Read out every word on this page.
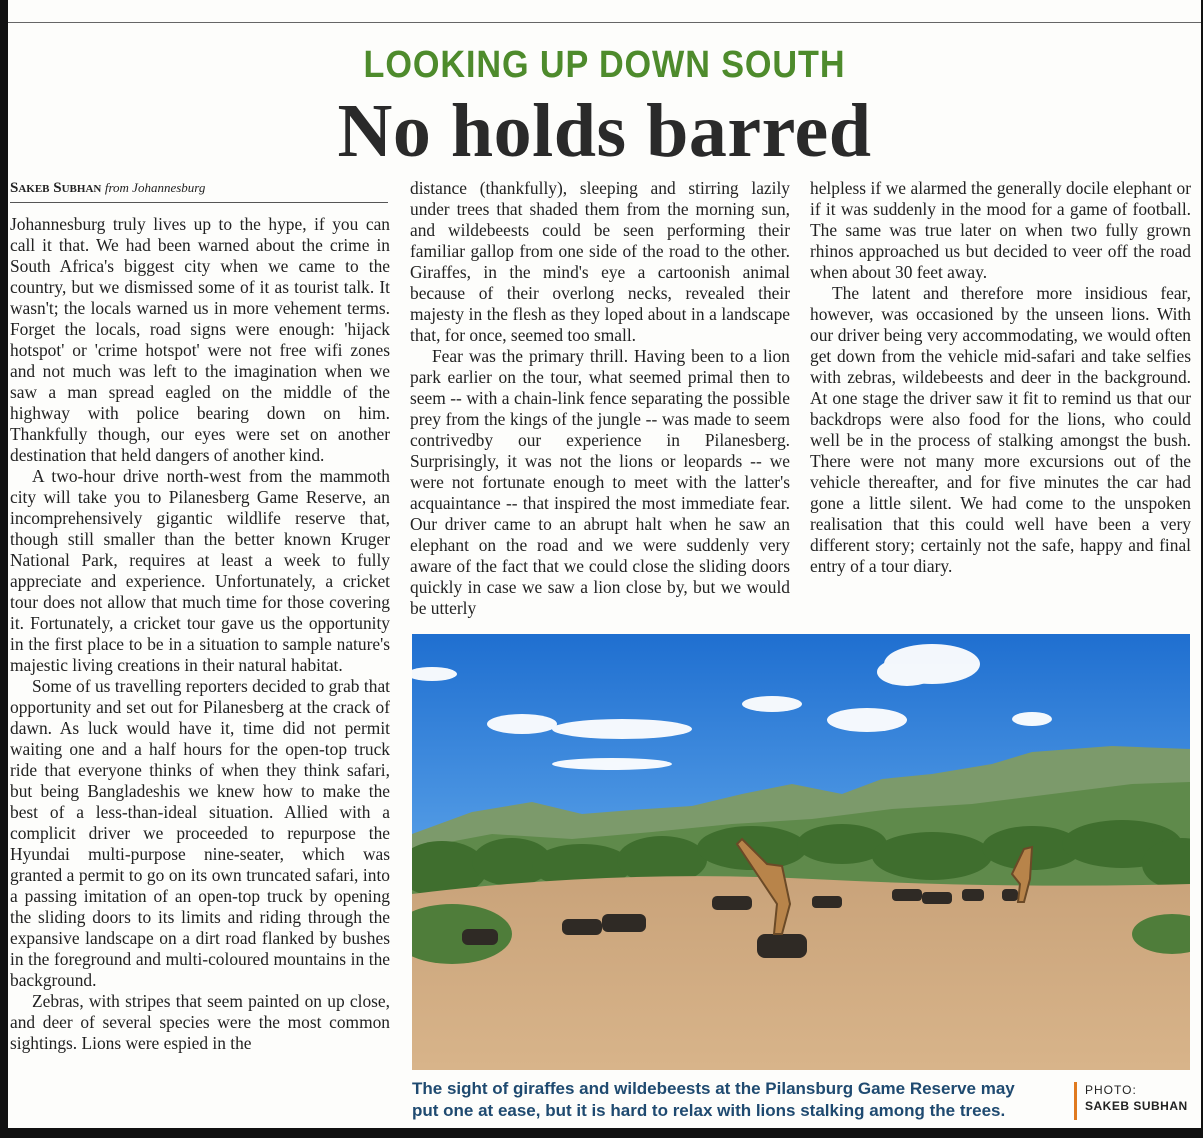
LOOKING UP DOWN SOUTH
No holds barred
Sakeb Subhan from Johannesburg

Johannesburg truly lives up to the hype, if you can call it that. We had been warned about the crime in South Africa's biggest city when we came to the country, but we dismissed some of it as tourist talk. It wasn't; the locals warned us in more vehement terms. Forget the locals, road signs were enough: 'hijack hotspot' or 'crime hotspot' were not free wifi zones and not much was left to the imagination when we saw a man spread eagled on the middle of the highway with police bearing down on him. Thankfully though, our eyes were set on another destination that held dangers of another kind.

A two-hour drive north-west from the mammoth city will take you to Pilanesberg Game Reserve, an incomprehensively gigantic wildlife reserve that, though still smaller than the better known Kruger National Park, requires at least a week to fully appreciate and experience. Unfortunately, a cricket tour does not allow that much time for those covering it. Fortunately, a cricket tour gave us the opportunity in the first place to be in a situation to sample nature's majestic living creations in their natural habitat.

Some of us travelling reporters decided to grab that opportunity and set out for Pilanesberg at the crack of dawn. As luck would have it, time did not permit waiting one and a half hours for the open-top truck ride that everyone thinks of when they think safari, but being Bangladeshis we knew how to make the best of a less-than-ideal situation. Allied with a complicit driver we proceeded to repurpose the Hyundai multi-purpose nine-seater, which was granted a permit to go on its own truncated safari, into a passing imitation of an open-top truck by opening the sliding doors to its limits and riding through the expansive landscape on a dirt road flanked by bushes in the foreground and multi-coloured mountains in the background.

Zebras, with stripes that seem painted on up close, and deer of several species were the most common sightings. Lions were espied in the

distance (thankfully), sleeping and stirring lazily under trees that shaded them from the morning sun, and wildebeests could be seen performing their familiar gallop from one side of the road to the other. Giraffes, in the mind's eye a cartoonish animal because of their overlong necks, revealed their majesty in the flesh as they loped about in a landscape that, for once, seemed too small.

Fear was the primary thrill. Having been to a lion park earlier on the tour, what seemed primal then to seem -- with a chain-link fence separating the possible prey from the kings of the jungle -- was made to seem contrivedby our experience in Pilanesberg. Surprisingly, it was not the lions or leopards -- we were not fortunate enough to meet with the latter's acquaintance -- that inspired the most immediate fear. Our driver came to an abrupt halt when he saw an elephant on the road and we were suddenly very aware of the fact that we could close the sliding doors quickly in case we saw a lion close by, but we would be utterly

helpless if we alarmed the generally docile elephant or if it was suddenly in the mood for a game of football. The same was true later on when two fully grown rhinos approached us but decided to veer off the road when about 30 feet away.

The latent and therefore more insidious fear, however, was occasioned by the unseen lions. With our driver being very accommodating, we would often get down from the vehicle mid-safari and take selfies with zebras, wildebeests and deer in the background. At one stage the driver saw it fit to remind us that our backdrops were also food for the lions, who could well be in the process of stalking amongst the bush. There were not many more excursions out of the vehicle thereafter, and for five minutes the car had gone a little silent. We had come to the unspoken realisation that this could well have been a very different story; certainly not the safe, happy and final entry of a tour diary.

The sight of giraffes and wildebeests at the Pilansburg Game Reserve may put one at ease, but it is hard to relax with lions stalking among the trees.
PHOTO:
SAKEB SUBHAN
